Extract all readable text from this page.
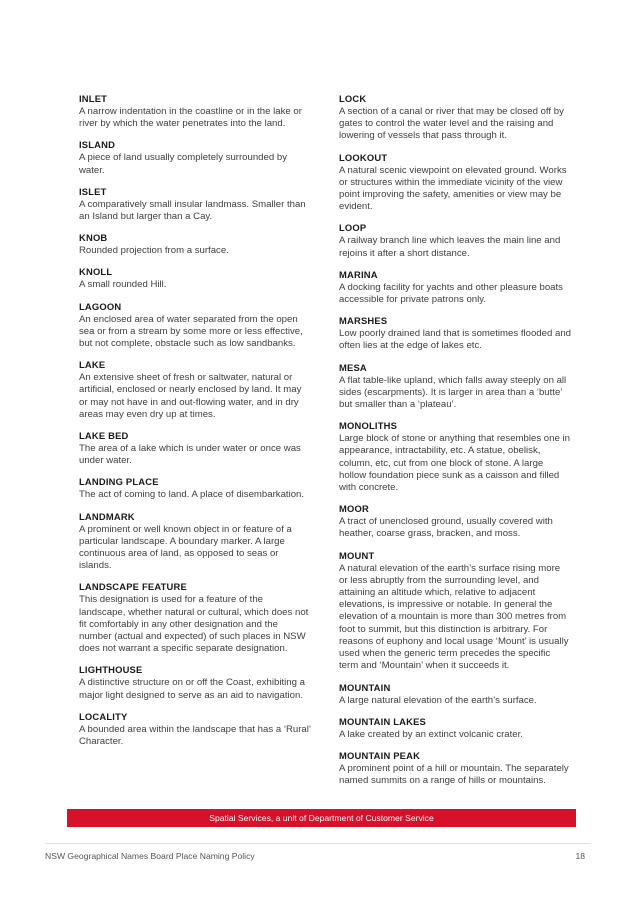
INLET
A narrow indentation in the coastline or in the lake or river by which the water penetrates into the land.
ISLAND
A piece of land usually completely surrounded by water.
ISLET
A comparatively small insular landmass. Smaller than an Island but larger than a Cay.
KNOB
Rounded projection from a surface.
KNOLL
A small rounded Hill.
LAGOON
An enclosed area of water separated from the open sea or from a stream by some more or less effective, but not complete, obstacle such as low sandbanks.
LAKE
An extensive sheet of fresh or saltwater, natural or artificial, enclosed or nearly enclosed by land. It may or may not have in and out-flowing water, and in dry areas may even dry up at times.
LAKE BED
The area of a lake which is under water or once was under water.
LANDING PLACE
The act of coming to land. A place of disembarkation.
LANDMARK
A prominent or well known object in or feature of a particular landscape. A boundary marker. A large continuous area of land, as opposed to seas or islands.
LANDSCAPE FEATURE
This designation is used for a feature of the landscape, whether natural or cultural, which does not fit comfortably in any other designation and the number (actual and expected) of such places in NSW does not warrant a specific separate designation.
LIGHTHOUSE
A distinctive structure on or off the Coast, exhibiting a major light designed to serve as an aid to navigation.
LOCALITY
A bounded area within the landscape that has a ‘Rural’ Character.
LOCK
A section of a canal or river that may be closed off by gates to control the water level and the raising and lowering of vessels that pass through it.
LOOKOUT
A natural scenic viewpoint on elevated ground. Works or structures within the immediate vicinity of the view point improving the safety, amenities or view may be evident.
LOOP
A railway branch line which leaves the main line and rejoins it after a short distance.
MARINA
A docking facility for yachts and other pleasure boats accessible for private patrons only.
MARSHES
Low poorly drained land that is sometimes flooded and often lies at the edge of lakes etc.
MESA
A flat table-like upland, which falls away steeply on all sides (escarpments). It is larger in area than a ‘butte’ but smaller than a ‘plateau’.
MONOLITHS
Large block of stone or anything that resembles one in appearance, intractability, etc. A statue, obelisk, column, etc, cut from one block of stone. A large hollow foundation piece sunk as a caisson and filled with concrete.
MOOR
A tract of unenclosed ground, usually covered with heather, coarse grass, bracken, and moss.
MOUNT
A natural elevation of the earth’s surface rising more or less abruptly from the surrounding level, and attaining an altitude which, relative to adjacent elevations, is impressive or notable. In general the elevation of a mountain is more than 300 metres from foot to summit, but this distinction is arbitrary. For reasons of euphony and local usage ‘Mount’ is usually used when the generic term precedes the specific term and ‘Mountain’ when it succeeds it.
MOUNTAIN
A large natural elevation of the earth’s surface.
MOUNTAIN LAKES
A lake created by an extinct volcanic crater.
MOUNTAIN PEAK
A prominent point of a hill or mountain. The separately named summits on a range of hills or mountains.
Spatial Services, a unit of Department of Customer Service
NSW Geographical Names Board Place Naming Policy	18
